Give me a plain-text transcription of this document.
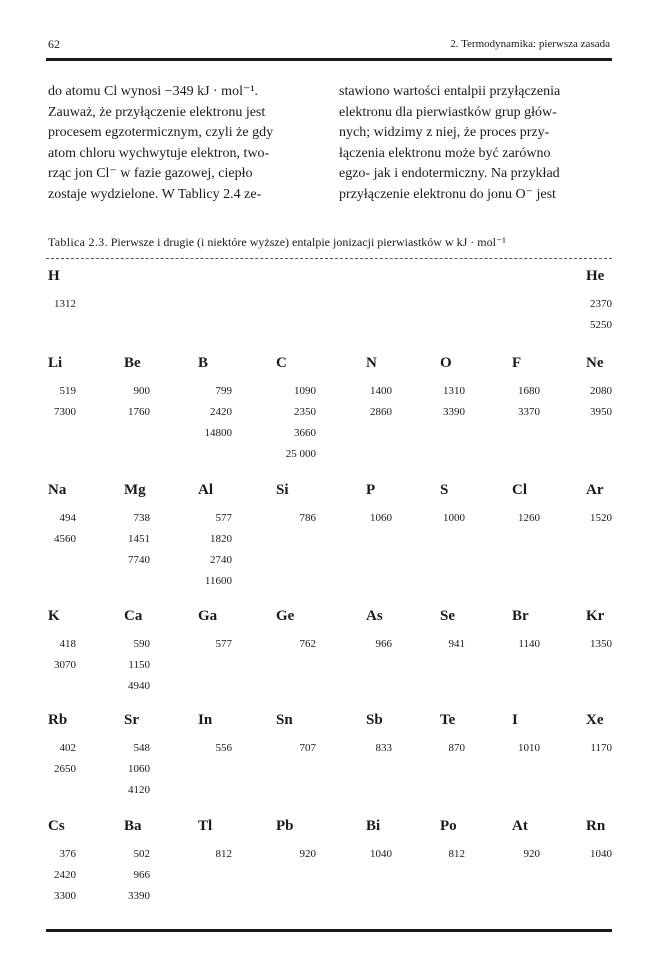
62	2. Termodynamika: pierwsza zasada
do atomu Cl wynosi −349 kJ · mol⁻¹.
Zauważ, że przyłączenie elektronu jest
procesem egzotermicznym, czyli że gdy
atom chloru wychwytuje elektron, two-
rząc jon Cl⁻ w fazie gazowej, ciepło
zostaje wydzielone. W Tablicy 2.4 ze-
stawiono wartości entalpii przyłączenia
elektronu dla pierwiastków grup głów-
nych; widzimy z niej, że proces przy-
łączenia elektronu może być zarówno
egzo- jak i endotermiczny. Na przykład
przyłączenie elektronu do jonu O⁻ jest
Tablica 2.3. Pierwsze i drugie (i niektóre wyższe) entalpie jonizacji pierwiastków w kJ · mol⁻¹
H
1312
He
2370
5250
Li
519
7300
Be
900
1760
B
799
2420
14800
C
1090
2350
3660
25 000
N
1400
2860
O
1310
3390
F
1680
3370
Ne
2080
3950
Na
494
4560
Mg
738
1451
7740
Al
577
1820
2740
11600
Si
786
P
1060
S
1000
Cl
1260
Ar
1520
K
418
3070
Ca
590
1150
4940
Ga
577
Ge
762
As
966
Se
941
Br
1140
Kr
1350
Rb
402
2650
Sr
548
1060
4120
In
556
Sn
707
Sb
833
Te
870
I
1010
Xe
1170
Cs
376
2420
3300
Ba
502
966
3390
Tl
812
Pb
920
Bi
1040
Po
812
At
920
Rn
1040
